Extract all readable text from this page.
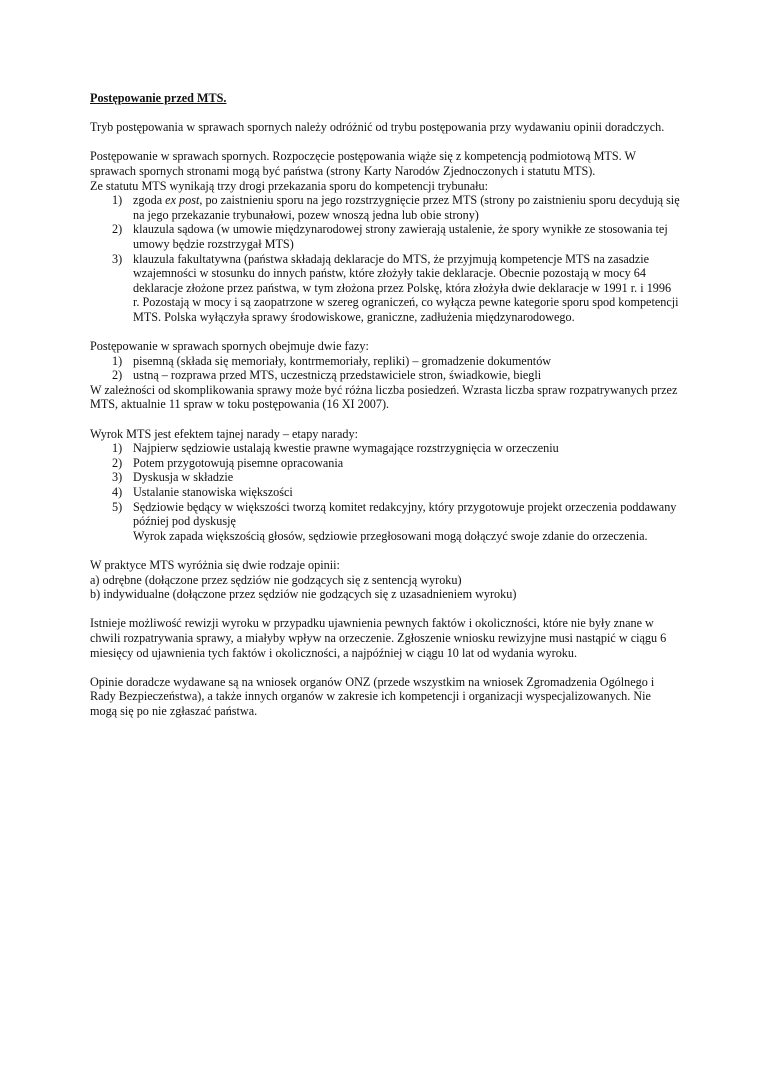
Postępowanie przed MTS.

Tryb postępowania w sprawach spornych należy odróżnić od trybu postępowania przy wydawaniu opinii doradczych.

Postępowanie w sprawach spornych. Rozpoczęcie postępowania wiąże się z kompetencją podmiotową MTS. W sprawach spornych stronami mogą być państwa (strony Karty Narodów Zjednoczonych i statutu MTS).

Ze statutu MTS wynikają trzy drogi przekazania sporu do kompetencji trybunału:

1) zgoda ex post, po zaistnieniu sporu na jego rozstrzygnięcie przez MTS (strony po zaistnieniu sporu decydują się na jego przekazanie trybunałowi, pozew wnoszą jedna lub obie strony)
2) klauzula sądowa (w umowie międzynarodowej strony zawierają ustalenie, że spory wynikłe ze stosowania tej umowy będzie rozstrzygał MTS)
3) klauzula fakultatywna (państwa składają deklaracje do MTS, że przyjmują kompetencje MTS na zasadzie wzajemności w stosunku do innych państw, które złożyły takie deklaracje. Obecnie pozostają w mocy 64 deklaracje złożone przez państwa, w tym złożona przez Polskę, która złożyła dwie deklaracje w 1991 r. i 1996 r. Pozostają w mocy i są zaopatrzone w szereg ograniczeń, co wyłącza pewne kategorie sporu spod kompetencji MTS. Polska wyłączyła sprawy środowiskowe, graniczne, zadłużenia międzynarodowego.

Postępowanie w sprawach spornych obejmuje dwie fazy:

1) pisemną (składa się memoriały, kontrmemoriały, repliki) – gromadzenie dokumentów
2) ustną – rozprawa przed MTS, uczestniczą przedstawiciele stron, świadkowie, biegli

W zależności od skomplikowania sprawy może być różna liczba posiedzeń. Wzrasta liczba spraw rozpatrywanych przez MTS, aktualnie 11 spraw w toku postępowania (16 XI 2007).

Wyrok MTS jest efektem tajnej narady – etapy narady:

1) Najpierw sędziowie ustalają kwestie prawne wymagające rozstrzygnięcia w orzeczeniu
2) Potem przygotowują pisemne opracowania
3) Dyskusja w składzie
4) Ustalanie stanowiska większości
5) Sędziowie będący w większości tworzą komitet redakcyjny, który przygotowuje projekt orzeczenia poddawany później pod dyskusję

Wyrok zapada większością głosów, sędziowie przegłosowani mogą dołączyć swoje zdanie do orzeczenia.

W praktyce MTS wyróżnia się dwie rodzaje opinii:

a) odrębne (dołączone przez sędziów nie godzących się z sentencją wyroku)

b) indywidualne (dołączone przez sędziów nie godzących się z uzasadnieniem wyroku)

Istnieje możliwość rewizji wyroku w przypadku ujawnienia pewnych faktów i okoliczności, które nie były znane w chwili rozpatrywania sprawy, a miałyby wpływ na orzeczenie. Zgłoszenie wniosku rewizyjne musi nastąpić w ciągu 6 miesięcy od ujawnienia tych faktów i okoliczności, a najpóźniej w ciągu 10 lat od wydania wyroku.

Opinie doradcze wydawane są na wniosek organów ONZ (przede wszystkim na wniosek Zgromadzenia Ogólnego i Rady Bezpieczeństwa), a także innych organów w zakresie ich kompetencji i organizacji wyspecjalizowanych. Nie mogą się po nie zgłaszać państwa.
